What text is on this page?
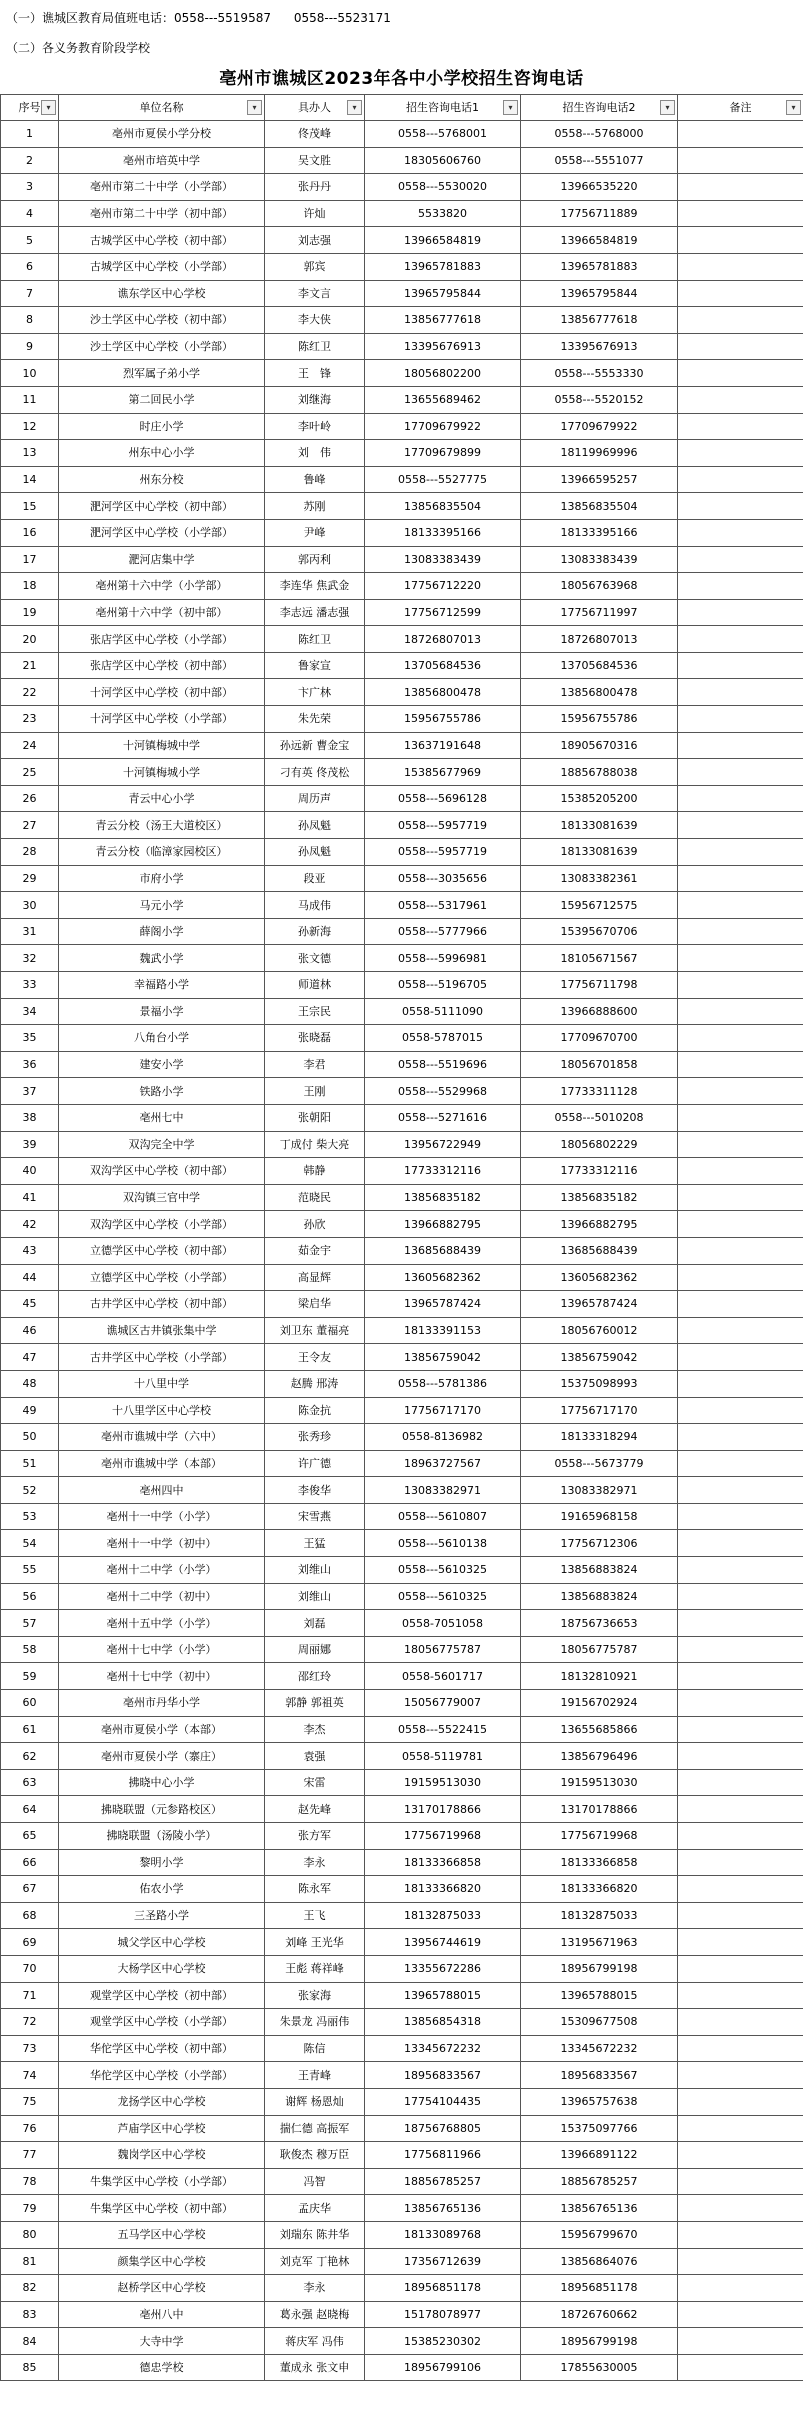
（一）谯城区教育局值班电话：0558---5519587      0558---5523171
（二）各义务教育阶段学校
亳州市谯城区2023年各中小学校招生咨询电话
序号 ▾	单位名称 ▾	具办人 ▾	招生咨询电话1 ▾	招生咨询电话2 ▾	备注 ▾

1	亳州市夏侯小学分校	佟茂峰	0558---5768001	0558---5768000	
2	亳州市培英中学	吴文胜	18305606760	0558---5551077	
3	亳州市第二十中学（小学部）	张丹丹	0558---5530020	13966535220	
4	亳州市第二十中学（初中部）	许灿	5533820	17756711889	
5	古城学区中心学校（初中部）	刘志强	13966584819	13966584819	
6	古城学区中心学校（小学部）	郭宾	13965781883	13965781883	
7	谯东学区中心学校	李文言	13965795844	13965795844	
8	沙土学区中心学校（初中部）	李大侠	13856777618	13856777618	
9	沙土学区中心学校（小学部）	陈红卫	13395676913	13395676913	
10	烈军属子弟小学	王　锋	18056802200	0558---5553330	
11	第二回民小学	刘继海	13655689462	0558---5520152	
12	时庄小学	李叶岭	17709679922	17709679922	
13	州东中心小学	刘　伟	17709679899	18119969996	
14	州东分校	鲁峰	0558---5527775	13966595257	
15	淝河学区中心学校（初中部）	苏刚	13856835504	13856835504	
16	淝河学区中心学校（小学部）	尹峰	18133395166	18133395166	
17	淝河店集中学	郭丙利	13083383439	13083383439	
18	亳州第十六中学（小学部）	李连华 焦武金	17756712220	18056763968	
19	亳州第十六中学（初中部）	李志远 潘志强	17756712599	17756711997	
20	张店学区中心学校（小学部）	陈红卫	18726807013	18726807013	
21	张店学区中心学校（初中部）	鲁家宣	13705684536	13705684536	
22	十河学区中心学校（初中部）	卞广林	13856800478	13856800478	
23	十河学区中心学校（小学部）	朱先荣	15956755786	15956755786	
24	十河镇梅城中学	孙远新 曹金宝	13637191648	18905670316	
25	十河镇梅城小学	刁有英 佟茂松	15385677969	18856788038	
26	青云中心小学	周历声	0558---5696128	15385205200	
27	青云分校（汤王大道校区）	孙凤魁	0558---5957719	18133081639	
28	青云分校（临漳家园校区）	孙凤魁	0558---5957719	18133081639	
29	市府小学	段亚	0558---3035656	13083382361	
30	马元小学	马成伟	0558---5317961	15956712575	
31	薛阁小学	孙新海	0558---5777966	15395670706	
32	魏武小学	张文德	0558---5996981	18105671567	
33	幸福路小学	师道林	0558---5196705	17756711798	
34	景福小学	王宗民	0558-5111090	13966888600	
35	八角台小学	张晓磊	0558-5787015	17709670700	
36	建安小学	李君	0558---5519696	18056701858	
37	铁路小学	王刚	0558---5529968	17733311128	
38	亳州七中	张朝阳	0558---5271616	0558---5010208	
39	双沟完全中学	丁成付 柴大亮	13956722949	18056802229	
40	双沟学区中心学校（初中部）	韩静	17733312116	17733312116	
41	双沟镇三官中学	范晓民	13856835182	13856835182	
42	双沟学区中心学校（小学部）	孙欣	13966882795	13966882795	
43	立德学区中心学校（初中部）	茹金宇	13685688439	13685688439	
44	立德学区中心学校（小学部）	高显辉	13605682362	13605682362	
45	古井学区中心学校（初中部）	梁启华	13965787424	13965787424	
46	谯城区古井镇张集中学	刘卫东 董福亮	18133391153	18056760012	
47	古井学区中心学校（小学部）	王令友	13856759042	13856759042	
48	十八里中学	赵腾 邢涛	0558---5781386	15375098993	
49	十八里学区中心学校	陈金抗	17756717170	17756717170	
50	亳州市谯城中学（六中）	张秀珍	0558-8136982	18133318294	
51	亳州市谯城中学（本部）	许广德	18963727567	0558---5673779	
52	亳州四中	李俊华	13083382971	13083382971	
53	亳州十一中学（小学）	宋雪燕	0558---5610807	19165968158	
54	亳州十一中学（初中）	王猛	0558---5610138	17756712306	
55	亳州十二中学（小学）	刘维山	0558---5610325	13856883824	
56	亳州十二中学（初中）	刘维山	0558---5610325	13856883824	
57	亳州十五中学（小学）	刘磊	0558-7051058	18756736653	
58	亳州十七中学（小学）	周丽娜	18056775787	18056775787	
59	亳州十七中学（初中）	邵红玲	0558-5601717	18132810921	
60	亳州市丹华小学	郭静 郭祖英	15056779007	19156702924	
61	亳州市夏侯小学（本部）	李杰	0558---5522415	13655685866	
62	亳州市夏侯小学（寨庄）	袁强	0558-5119781	13856796496	
63	拂晓中心小学	宋雷	19159513030	19159513030	
64	拂晓联盟（元参路校区）	赵先峰	13170178866	13170178866	
65	拂晓联盟（汤陵小学）	张方军	17756719968	17756719968	
66	黎明小学	李永	18133366858	18133366858	
67	佑农小学	陈永军	18133366820	18133366820	
68	三圣路小学	王飞	18132875033	18132875033	
69	城父学区中心学校	刘峰 王光华	13956744619	13195671963	
70	大杨学区中心学校	王彪 蒋祥峰	13355672286	18956799198	
71	观堂学区中心学校（初中部）	张家海	13965788015	13965788015	
72	观堂学区中心学校（小学部）	朱景龙 冯丽伟	13856854318	15309677508	
73	华佗学区中心学校（初中部）	陈信	13345672232	13345672232	
74	华佗学区中心学校（小学部）	王青峰	18956833567	18956833567	
75	龙扬学区中心学校	谢辉 杨恩灿	17754104435	13965757638	
76	芦庙学区中心学校	揣仁德 高振军	18756768805	15375097766	
77	魏岗学区中心学校	耿俊杰 穆万臣	17756811966	13966891122	
78	牛集学区中心学校（小学部）	冯智	18856785257	18856785257	
79	牛集学区中心学校（初中部）	孟庆华	13856765136	13856765136	
80	五马学区中心学校	刘瑞东 陈井华	18133089768	15956799670	
81	颜集学区中心学校	刘克军 丁艳林	17356712639	13856864076	
82	赵桥学区中心学校	李永	18956851178	18956851178	
83	亳州八中	葛永强 赵晓梅	15178078977	18726760662	
84	大寺中学	蒋庆军 冯伟	15385230302	18956799198	
85	德忠学校	董成永 张文申	18956799106	17855630005	
